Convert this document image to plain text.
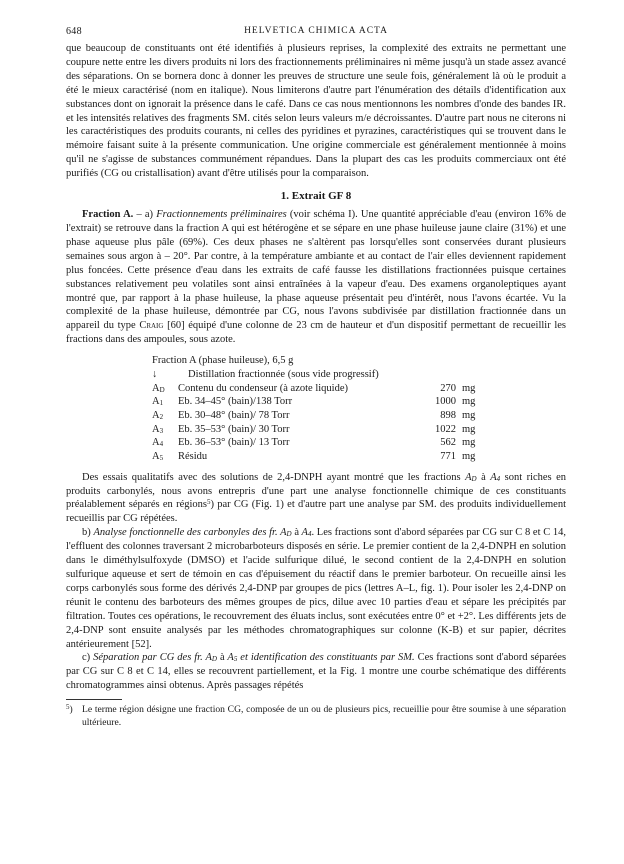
648	HELVETICA CHIMICA ACTA

que beaucoup de constituants ont été identifiés à plusieurs reprises, la complexité des extraits ne permettant une coupure nette entre les divers produits ni lors des fractionnements préliminaires ni même jusqu'à un stade assez avancé des séparations. On se bornera donc à donner les preuves de structure une seule fois, généralement là où le produit a été le mieux caractérisé (nom en italique). Nous limiterons d'autre part l'énumération des détails d'identification aux substances dont on ignorait la présence dans le café. Dans ce cas nous mentionnons les nombres d'onde des bandes IR. et les intensités relatives des fragments SM. cités selon leurs valeurs m/e décroissantes. D'autre part nous ne citerons ni les caractéristiques des produits courants, ni celles des pyridines et pyrazines, caractéristiques qui se trouvent dans le mémoire faisant suite à la présente communication. Une origine commerciale est généralement mentionnée à moins qu'il ne s'agisse de substances communément répandues. Dans la plupart des cas les produits commerciaux ont été purifiés (CG ou cristallisation) avant d'être utilisés pour la comparaison.

1. Extrait GF 8

Fraction A. – a) Fractionnements préliminaires (voir schéma I). Une quantité appréciable d'eau (environ 16% de l'extrait) se retrouve dans la fraction A qui est hétérogène et se sépare en une phase huileuse jaune claire (31%) et une phase aqueuse plus pâle (69%). Ces deux phases ne s'altèrent pas lorsqu'elles sont conservées durant plusieurs semaines sous argon à – 20°. Par contre, à la température ambiante et au contact de l'air elles deviennent rapidement plus foncées. Cette présence d'eau dans les extraits de café fausse les distillations fractionnées puisque certaines substances relativement peu volatiles sont ainsi entraînées à la vapeur d'eau. Des examens organoleptiques ayant montré que, par rapport à la phase huileuse, la phase aqueuse présentait peu d'intérêt, nous l'avons écartée. Vu la complexité de la phase huileuse, démontrée par CG, nous l'avons subdivisée par distillation fractionnée dans un appareil du type Craig [60] équipé d'une colonne de 23 cm de hauteur et d'un dispositif permettant de recueillir les fractions dans des ampoules, sous azote.

Fraction A (phase huileuse), 6,5 g
↓	Distillation fractionnée (sous vide progressif)
$A_D$ Contenu du condenseur (à azote liquide)	270 mg
$A_1$ Eb. 34–45° (bain)/138 Torr	1000 mg
$A_2$ Eb. 30–48° (bain)/ 78 Torr	898 mg
$A_3$ Eb. 35–53° (bain)/ 30 Torr	1022 mg
$A_4$ Eb. 36–53° (bain)/ 13 Torr	562 mg
$A_5$ Résidu	771 mg

Des essais qualitatifs avec des solutions de 2,4-DNPH ayant montré que les fractions $A_D$ à $A_4$ sont riches en produits carbonylés, nous avons entrepris d'une part une analyse fonctionnelle chimique de ces constituants préalablement séparés en régions$^5$) par CG (Fig. 1) et d'autre part une analyse par SM. des produits individuellement recueillis par CG répétées.

b) Analyse fonctionnelle des carbonyles des fr. $A_D$ à $A_4$. Les fractions sont d'abord séparées par CG sur C 8 et C 14, l'effluent des colonnes traversant 2 microbarboteurs disposés en série. Le premier contient de la 2,4-DNPH en solution dans le diméthylsulfoxyde (DMSO) et l'acide sulfurique dilué, le second contient de la 2,4-DNPH en solution sulfurique aqueuse et sert de témoin en cas d'épuisement du réactif dans le premier barboteur. On recueille ainsi les corps carbonylés sous forme des dérivés 2,4-DNP par groupes de pics (lettres A–L, fig. 1). Pour isoler les 2,4-DNP on réunit le contenu des barboteurs des mêmes groupes de pics, dilue avec 10 parties d'eau et sépare les précipités par filtration. Toutes ces opérations, le recouvrement des éluats inclus, sont exécutées entre 0° et +2°. Les différents jets de 2,4-DNP sont ensuite analysés par les méthodes chromatographiques sur colonne (K-B) et sur papier, décrites antérieurement [52].

c) Séparation par CG des fr. $A_D$ à $A_5$ et identification des constituants par SM. Ces fractions sont d'abord séparées par CG sur C 8 et C 14, elles se recouvrent partiellement, et la Fig. 1 montre une courbe schématique des différents chromatogrammes ainsi obtenus. Après passages répétés

$^5$) Le terme région désigne une fraction CG, composée de un ou de plusieurs pics, recueillie pour être soumise à une séparation ultérieure.
